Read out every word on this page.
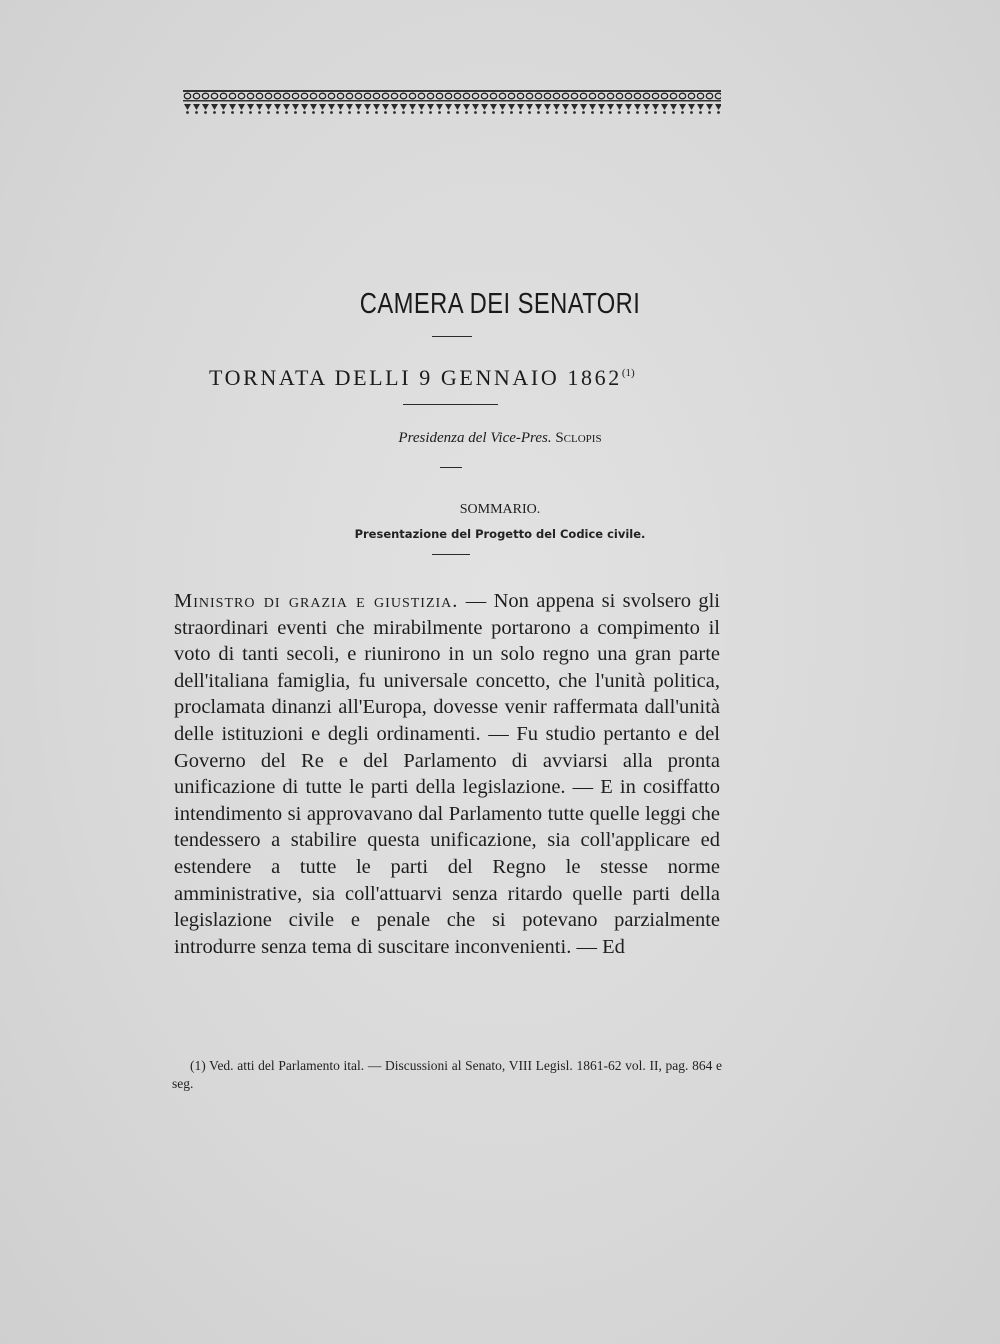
CAMERA DEI SENATORI
TORNATA DELLI 9 GENNAIO 1862$^{(1)}$
Presidenza del Vice-Pres. Sclopis
SOMMARIO.
Presentazione del Progetto del Codice civile.
Ministro di grazia e giustizia. — Non appena si svolsero gli straordinari eventi che mirabilmente portarono a compimento il voto di tanti secoli, e riunirono in un solo regno una gran parte dell'italiana famiglia, fu universale concetto, che l'unità politica, proclamata dinanzi all'Europa, dovesse venir raffermata dall'unità delle istituzioni e degli ordinamenti. — Fu studio pertanto e del Governo del Re e del Parlamento di avviarsi alla pronta unificazione di tutte le parti della legislazione. — E in cosiffatto intendimento si approvavano dal Parlamento tutte quelle leggi che tendessero a stabilire questa unificazione, sia coll'applicare ed estendere a tutte le parti del Regno le stesse norme amministrative, sia coll'attuarvi senza ritardo quelle parti della legislazione civile e penale che si potevano parzialmente introdurre senza tema di suscitare inconvenienti. — Ed
(1) Ved. atti del Parlamento ital. — Discussioni al Senato, VIII Legisl. 1861-62 vol. II, pag. 864 e seg.
